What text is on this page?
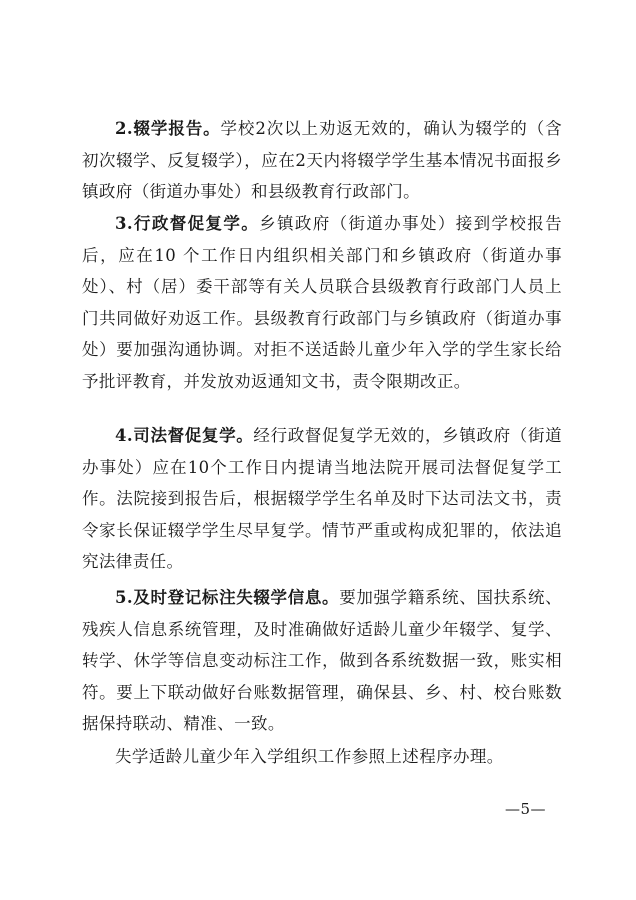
2.辍学报告。学校2次以上劝返无效的，确认为辍学的（含初次辍学、反复辍学），应在2天内将辍学学生基本情况书面报乡镇政府（街道办事处）和县级教育行政部门。

3.行政督促复学。乡镇政府（街道办事处）接到学校报告后，应在10 个工作日内组织相关部门和乡镇政府（街道办事处）、村（居）委干部等有关人员联合县级教育行政部门人员上门共同做好劝返工作。县级教育行政部门与乡镇政府（街道办事处）要加强沟通协调。对拒不送适龄儿童少年入学的学生家长给予批评教育，并发放劝返通知文书，责令限期改正。

4.司法督促复学。经行政督促复学无效的，乡镇政府（街道办事处）应在10个工作日内提请当地法院开展司法督促复学工作。法院接到报告后，根据辍学学生名单及时下达司法文书，责令家长保证辍学学生尽早复学。情节严重或构成犯罪的，依法追究法律责任。

5.及时登记标注失辍学信息。要加强学籍系统、国扶系统、残疾人信息系统管理，及时准确做好适龄儿童少年辍学、复学、转学、休学等信息变动标注工作，做到各系统数据一致，账实相符。要上下联动做好台账数据管理，确保县、乡、村、校台账数据保持联动、精准、一致。

失学适龄儿童少年入学组织工作参照上述程序办理。

—5—
